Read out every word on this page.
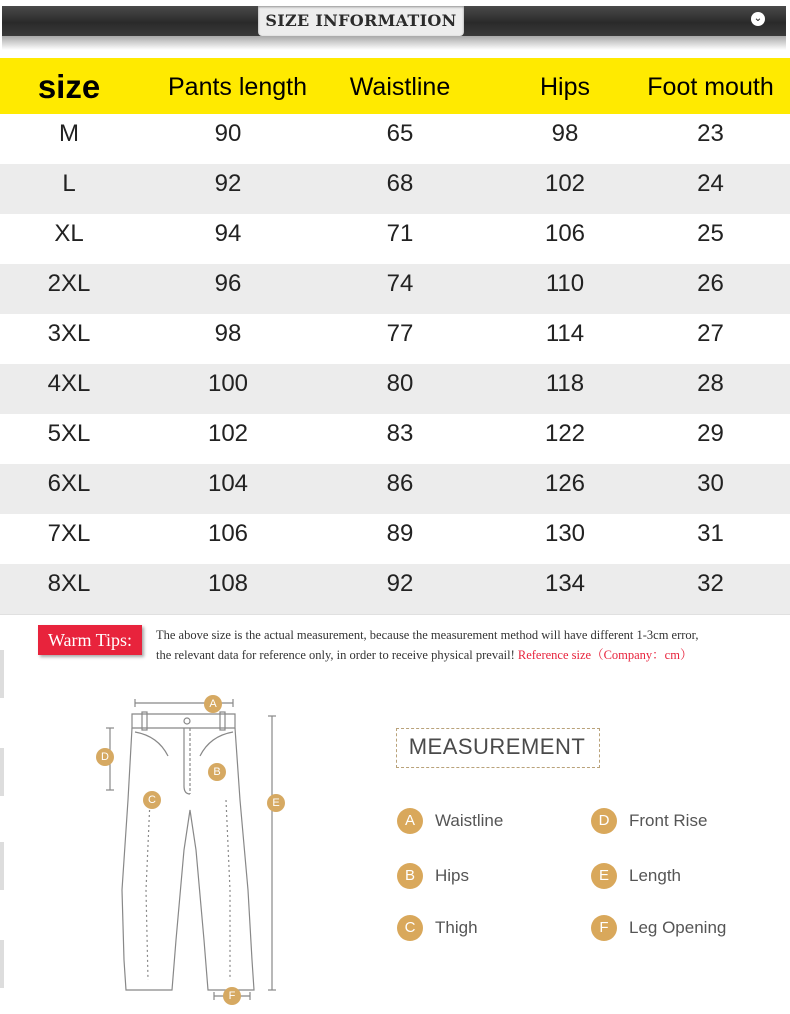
SIZE INFORMATION	⌄
size	Pants length	Waistline	Hips	Foot mouth
M	90	65	98	23
L	92	68	102	24
XL	94	71	106	25
2XL	96	74	110	26
3XL	98	77	114	27
4XL	100	80	118	28
5XL	102	83	122	29
6XL	104	86	126	30
7XL	106	89	130	31
8XL	108	92	134	32
Warm Tips:	The above size is the actual measurement, because the measurement method will have different 1-3cm error,
the relevant data for reference only, in order to receive physical prevail! Reference size（Company：cm）
A
B
C
D
E
F
MEASUREMENT
A	Waistline
B	Hips
C	Thigh
D	Front Rise
E	Length
F	Leg Opening
